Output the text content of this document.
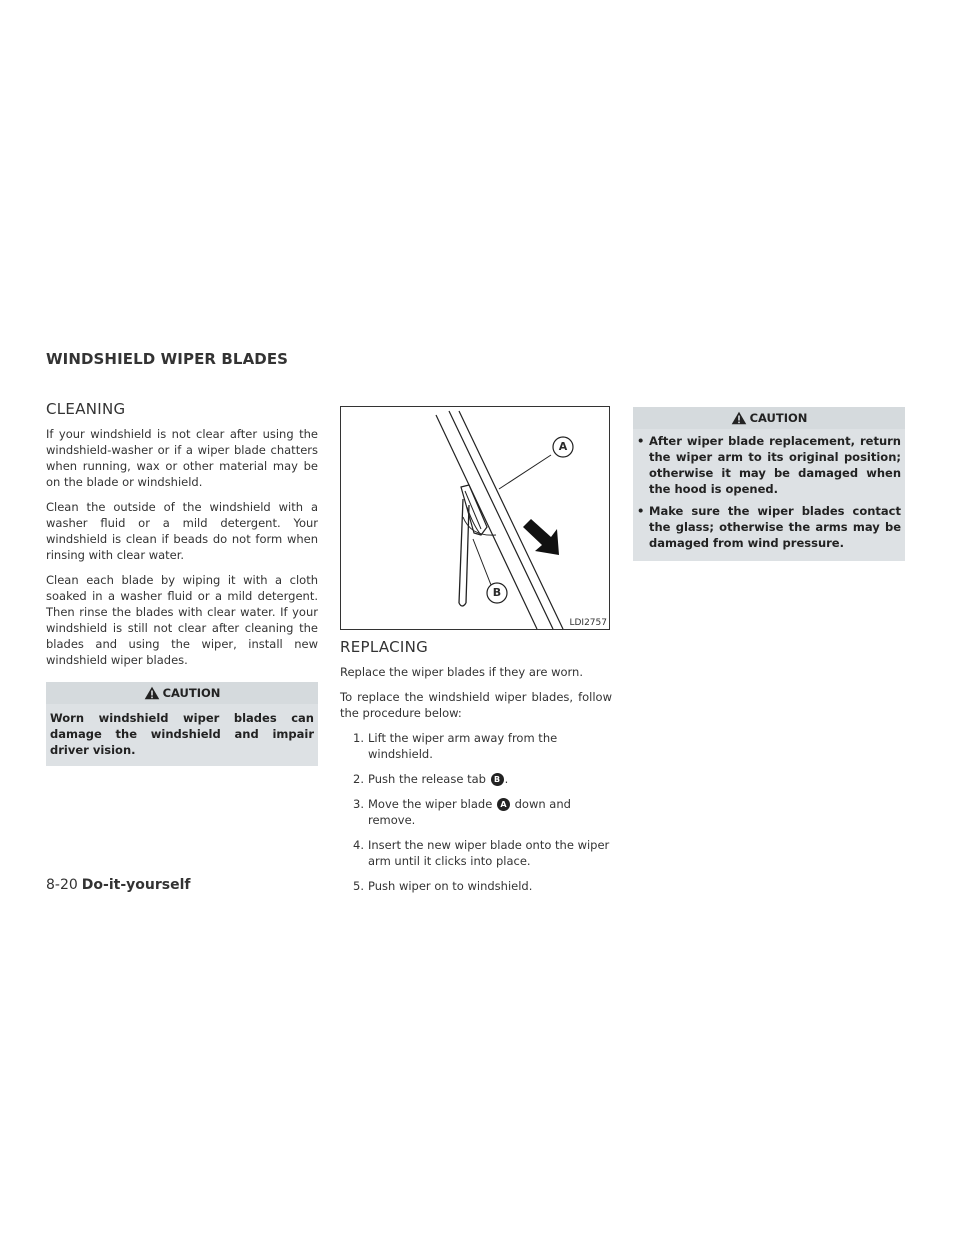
WINDSHIELD WIPER BLADES
CLEANING

If your windshield is not clear after using the windshield-washer or if a wiper blade chatters when running, wax or other material may be on the blade or windshield.

Clean the outside of the windshield with a washer fluid or a mild detergent. Your windshield is clean if beads do not form when rinsing with clear water.

Clean each blade by wiping it with a cloth soaked in a washer fluid or a mild detergent. Then rinse the blades with clear water. If your windshield is still not clear after cleaning the blades and using the wiper, install new windshield wiper blades.

CAUTION
Worn windshield wiper blades can damage the windshield and impair driver vision.
A
B
LDI2757
REPLACING

Replace the wiper blades if they are worn.

To replace the windshield wiper blades, follow the procedure below:

1. Lift the wiper arm away from the windshield.
2. Push the release tab B .
3. Move the wiper blade A down and remove.
4. Insert the new wiper blade onto the wiper arm until it clicks into place.
5. Push wiper on to windshield.
CAUTION
• After wiper blade replacement, return the wiper arm to its original position; otherwise it may be damaged when the hood is opened.
• Make sure the wiper blades contact the glass; otherwise the arms may be damaged from wind pressure.
8-20 Do-it-yourself
